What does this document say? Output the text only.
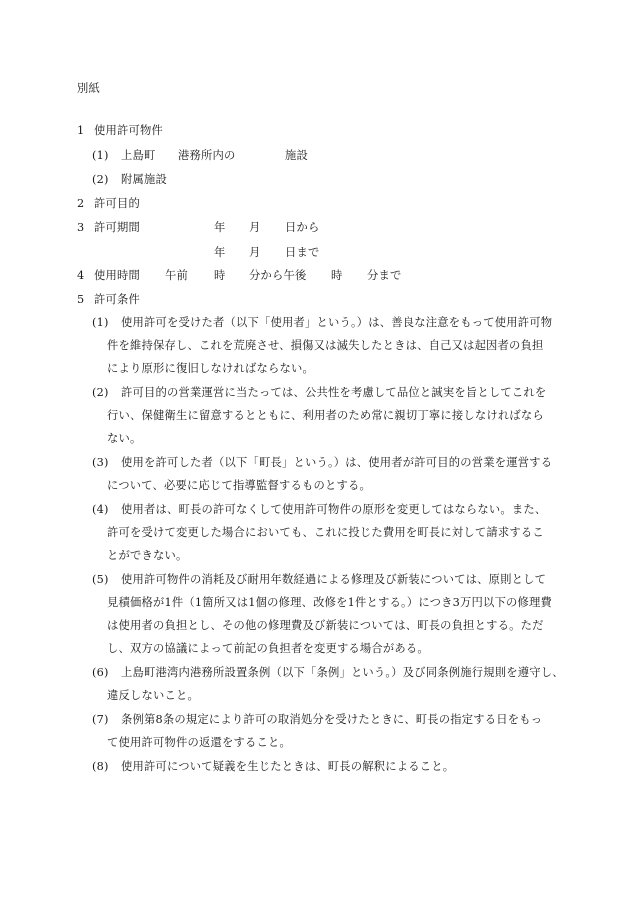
別紙
1 使用許可物件
(1) 上島町 港務所内の	施設
(2) 附属施設
2 許可目的
3 許可期間	年 月 日から
年 月 日まで
4 使用時間 午前 時 分から午後 時 分まで
5 許可条件
(1) 使用許可を受けた者（以下「使用者」という。）は、善良な注意をもって使用許可物
件を維持保存し、これを荒廃させ、損傷又は滅失したときは、自己又は起因者の負担
により原形に復旧しなければならない。
(2) 許可目的の営業運営に当たっては、公共性を考慮して品位と誠実を旨としてこれを
行い、保健衛生に留意するとともに、利用者のため常に親切丁寧に接しなければなら
ない。
(3) 使用を許可した者（以下「町長」という。）は、使用者が許可目的の営業を運営する
について、必要に応じて指導監督するものとする。
(4) 使用者は、町長の許可なくして使用許可物件の原形を変更してはならない。また、
許可を受けて変更した場合においても、これに投じた費用を町長に対して請求するこ
とができない。
(5) 使用許可物件の消耗及び耐用年数経過による修理及び新装については、原則として
見積価格が1件（1箇所又は1個の修理、改修を1件とする。）につき3万円以下の修理費
は使用者の負担とし、その他の修理費及び新装については、町長の負担とする。ただ
し、双方の協議によって前記の負担者を変更する場合がある。
(6) 上島町港湾内港務所設置条例（以下「条例」という。）及び同条例施行規則を遵守し、
違反しないこと。
(7) 条例第8条の規定により許可の取消処分を受けたときに、町長の指定する日をもっ
て使用許可物件の返還をすること。
(8) 使用許可について疑義を生じたときは、町長の解釈によること。
